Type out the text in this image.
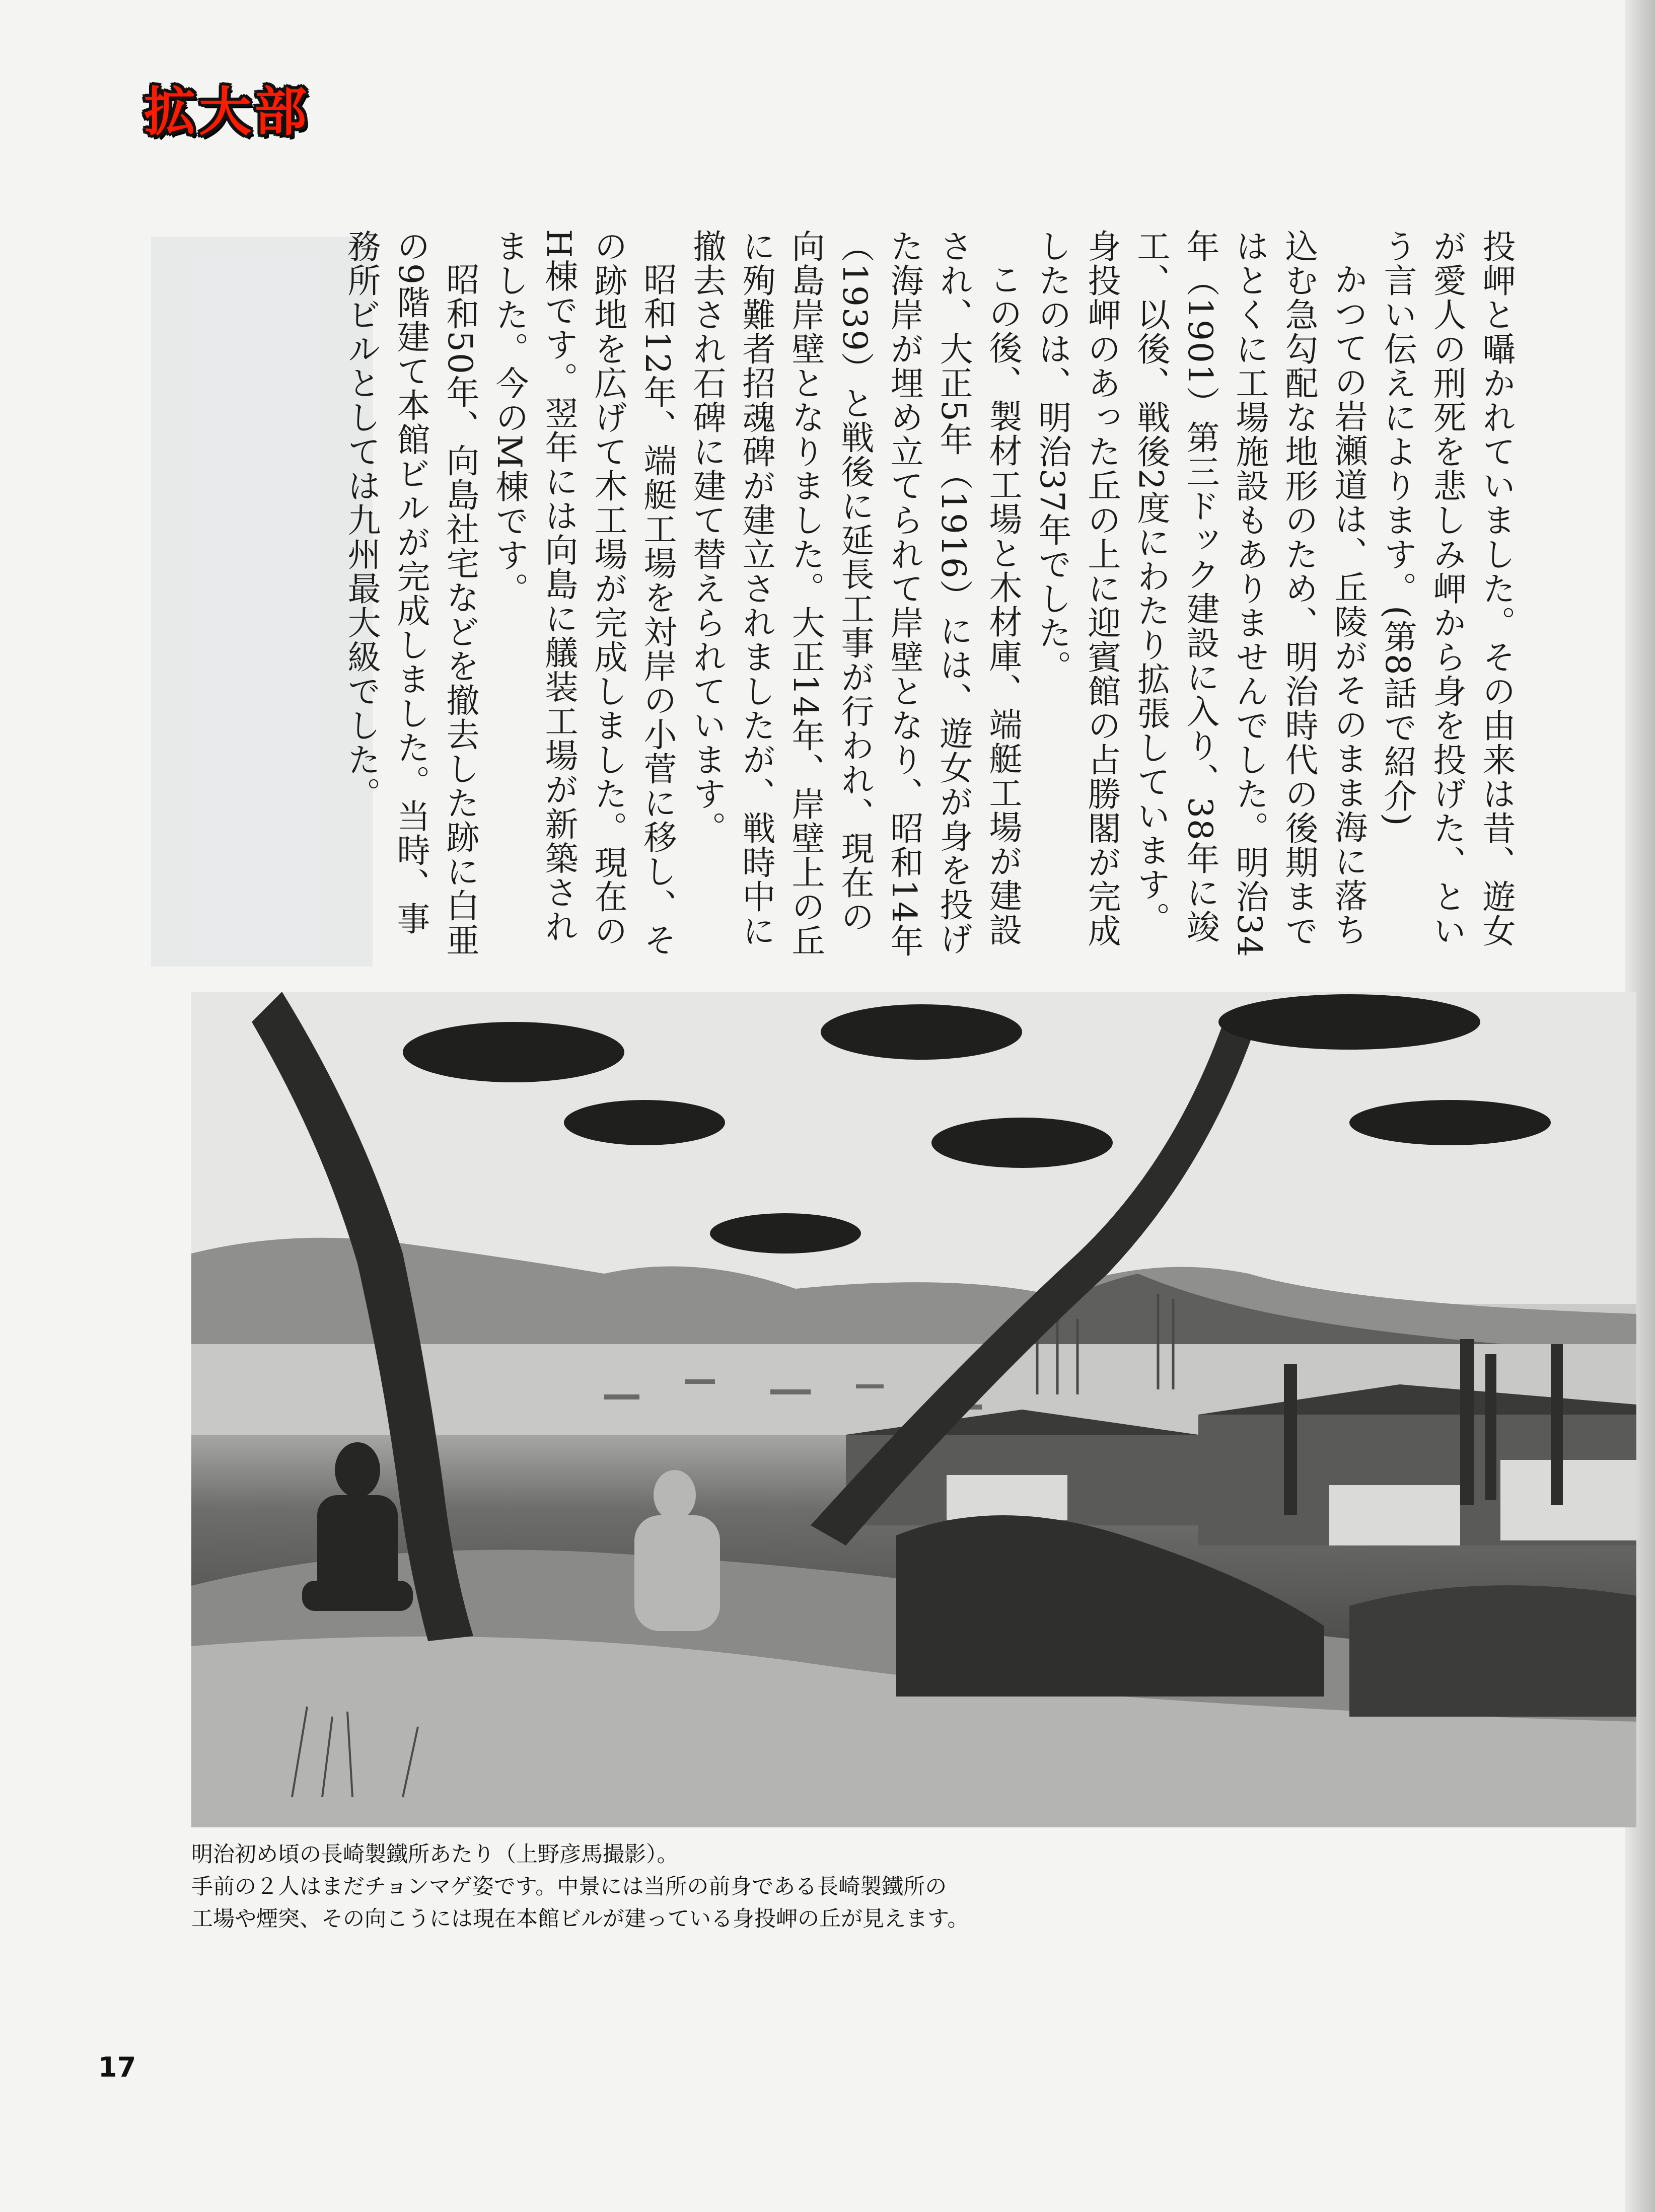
拡大部

投岬と囁かれていました。その由来は昔、遊女が愛人の刑死を悲しみ岬から身を投げた、という言い伝えによります。(第8話で紹介)

かつての岩瀬道は、丘陵がそのまま海に落ち込む急勾配な地形のため、明治時代の後期まではとくに工場施設もありませんでした。明治34年（1901）第三ドック建設に入り、38年に竣工、以後、戦後2度にわたり拡張しています。身投岬のあった丘の上に迎賓館の占勝閣が完成したのは、明治37年でした。

この後、製材工場と木材庫、端艇工場が建設され、大正5年（1916）には、遊女が身を投げた海岸が埋め立てられて岸壁となり、昭和14年（1939）と戦後に延長工事が行われ、現在の向島岸壁となりました。大正14年、岸壁上の丘に殉難者招魂碑が建立されましたが、戦時中に撤去され石碑に建て替えられています。

昭和12年、端艇工場を対岸の小菅に移し、その跡地を広げて木工場が完成しました。現在のH棟です。翌年には向島に艤装工場が新築されました。今のM棟です。

昭和50年、向島社宅などを撤去した跡に白亜の9階建て本館ビルが完成しました。当時、事務所ビルとしては九州最大級でした。

明治初め頃の長崎製鐵所あたり（上野彦馬撮影）。
手前の２人はまだチョンマゲ姿です。中景には当所の前身である長崎製鐵所の
工場や煙突、その向こうには現在本館ビルが建っている身投岬の丘が見えます。
17
